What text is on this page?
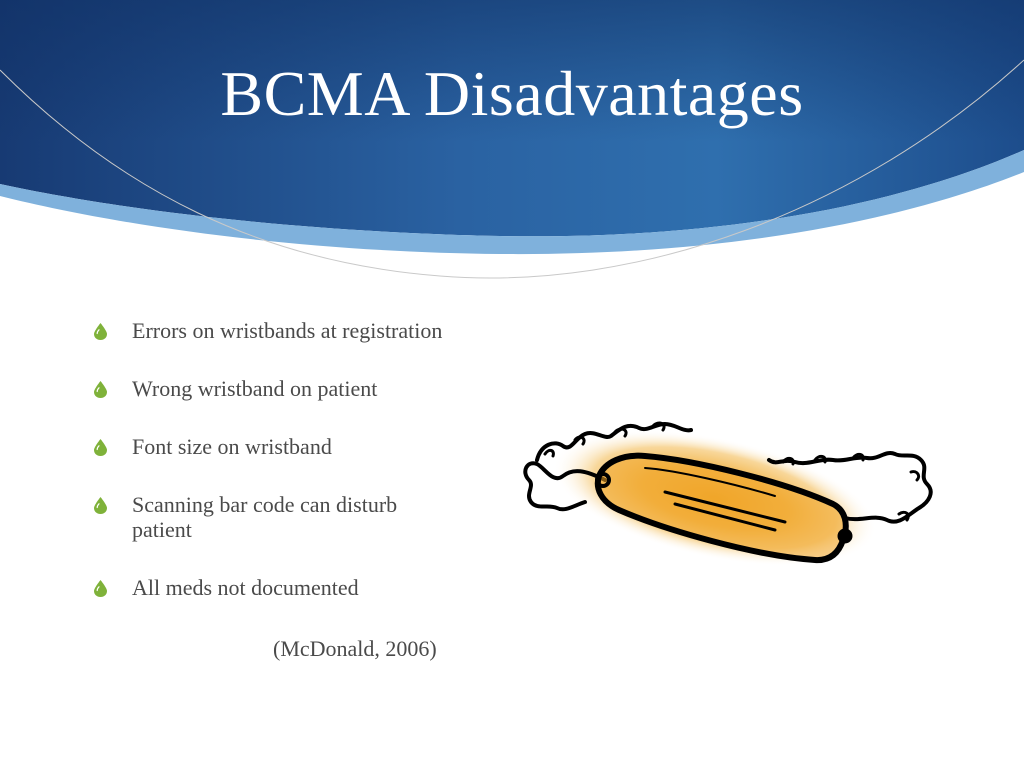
BCMA Disadvantages
Errors on wristbands at registration
Wrong wristband on patient
Font size on wristband
Scanning bar code can disturb patient
All meds not documented
(McDonald, 2006)
